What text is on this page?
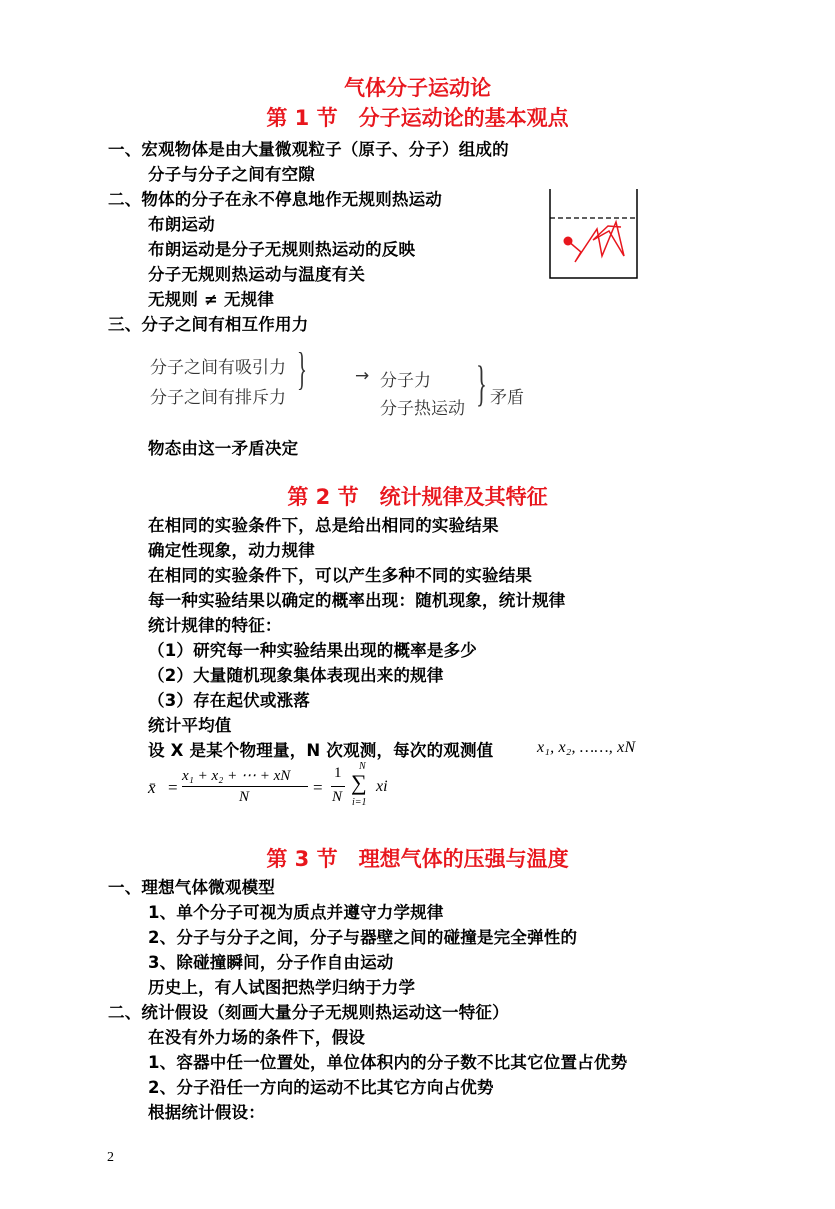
气体分子运动论
第 1 节　分子运动论的基本观点
一、宏观物体是由大量微观粒子（原子、分子）组成的
分子与分子之间有空隙
二、物体的分子在永不停息地作无规则热运动
布朗运动
布朗运动是分子无规则热运动的反映
分子无规则热运动与温度有关
无规则 ≠ 无规律
三、分子之间有相互作用力
分子之间有吸引力
分子之间有排斥力
}	→ 分子力
分子热运动 } 矛盾
物态由这一矛盾决定
第 2 节　统计规律及其特征
在相同的实验条件下，总是给出相同的实验结果
确定性现象，动力规律
在相同的实验条件下，可以产生多种不同的实验结果
每一种实验结果以确定的概率出现：随机现象，统计规律
统计规律的特征：
（1）研究每一种实验结果出现的概率是多少
（2）大量随机现象集体表现出来的规律
（3）存在起伏或涨落
统计平均值
设 X 是某个物理量，N 次观测，每次的观测值	x₁, x₂, ……, xN
x̄ =
x₁ + x₂ + ⋯ + xN
N	=
1
N
N
∑
i=1
xi
第 3 节　理想气体的压强与温度
一、理想气体微观模型
1、单个分子可视为质点并遵守力学规律
2、分子与分子之间，分子与器壁之间的碰撞是完全弹性的
3、除碰撞瞬间，分子作自由运动
历史上，有人试图把热学归纳于力学
二、统计假设（刻画大量分子无规则热运动这一特征）
在没有外力场的条件下，假设
1、容器中任一位置处，单位体积内的分子数不比其它位置占优势
2、分子沿任一方向的运动不比其它方向占优势
根据统计假设：
2
